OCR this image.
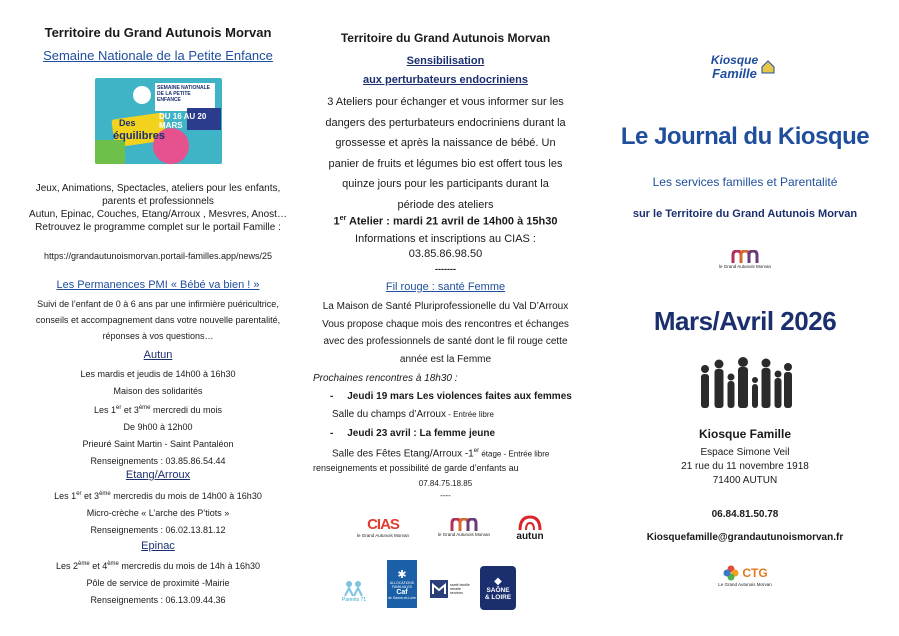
Territoire du Grand Autunois Morvan
Semaine Nationale de la Petite Enfance
SEMAINE NATIONALE DE LA PETITE ENFANCE
DU 16 AU 20 MARS
Des
équilibres
Jeux, Animations, Spectacles, ateliers pour les enfants,
parents et professionnels
Autun, Epinac, Couches, Etang/Arroux , Mesvres, Anost…
Retrouvez le programme complet sur le portail Famille :
https://grandautunoismorvan.portail-familles.app/news/25
Les Permanences PMI « Bébé va bien ! »
Suivi de l’enfant de 0 à 6 ans par une infirmière puéricultrice,
conseils et accompagnement dans votre nouvelle parentalité,
réponses à vos questions…
Autun
Les mardis et jeudis de 14h00 à 16h30
Maison des solidarités
Les 1er et 3ème mercredi du mois
De 9h00 à 12h00
Prieuré Saint Martin - Saint Pantaléon
Renseignements : 03.85.86.54.44
Etang/Arroux
Les 1er et 3ème mercredis du mois de 14h00 à 16h30
Micro-crèche « L’arche des P’tiots »
Renseignements : 06.02.13.81.12
Epinac
Les 2ème et 4ème mercredis du mois de 14h à 16h30
Pôle de service de proximité -Mairie
Renseignements : 06.13.09.44.36
Territoire du Grand Autunois Morvan
Sensibilisation
aux perturbateurs endocriniens
3 Ateliers pour échanger et vous informer sur les
dangers des perturbateurs endocriniens durant la
grossesse et après la naissance de bébé. Un
panier de fruits et légumes bio est offert tous les
quinze jours pour les participants durant la
période des ateliers
1er Atelier : mardi 21 avril de 14h00 à 15h30
Informations et inscriptions au CIAS :
03.85.86.98.50
-------
Fil rouge : santé Femme
La Maison de Santé Pluriprofessionelle du Val D’Arroux
Vous propose chaque mois des rencontres et échanges
avec des professionnels de santé dont le fil rouge cette
année est la Femme
Prochaines rencontres à 18h30 :
- Jeudi 19 mars Les violences faites aux femmes
Salle du champs d’Arroux - Entrée libre
- Jeudi 23 avril : La femme jeune
Salle des Fêtes Etang/Arroux -1er étage - Entrée libre
renseignements et possibilité de garde d’enfants au
07.84.75.18.85
----
CIAS
le Grand Autunois Morvan	le Grand Autunois Morvan	autun
Parents 71
✱
ALLOCATIONS FAMILIALES
Caf
de Saône-et-Loire
santé famille retraite services
◆
SAÔNE
& LOIRE
Kiosque
Famille
Le Journal du Kiosque
Les services familles et Parentalité
sur le Territoire du Grand Autunois Morvan
le Grand Autunois Morvan
Mars/Avril 2026
Kiosque Famille
Espace Simone Veil
21 rue du 11 novembre 1918
71400 AUTUN
06.84.81.50.78
Kiosquefamille@grandautunoismorvan.fr
CTG
Le Grand Autunois Morvan
